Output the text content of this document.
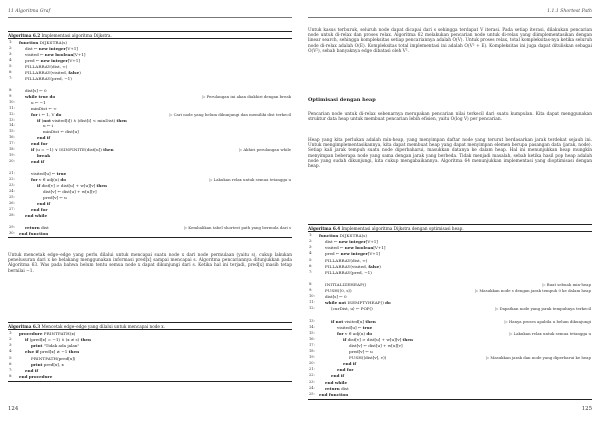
11 Algoritma Graf
Algoritma 6.2 Implementasi algoritma Dijkstra.
1:	function DIJKSTRA(s)
2:	dist ← new integer[V+1]
3:	visited ← new boolean[V+1]
4:	pred ← new integer[V+1]
5:	FILLARRAY(dist, ∞)
6:	FILLARRAY(visited, false)
7:	FILLARRAY(pred, −1)
8:	dist[s] ← 0
9:	while true do	▷ Perulangan ini akan diakhiri dengan break
10:	u ← −1
11:	minDist ← ∞
12:	for i ← 1, V do	▷ Cari node yang belum dikunjungi dan memiliki dist terkecil
13:	if (not visited[i]) ∧ (dist[i] < minDist) then
14:	u ← i
15:	minDist ← dist[u]
16:	end if
17:	end for
18:	if (u = −1) ∨ ISINFINITE(dist[u]) then	▷ Akhiri perulangan while
19:	break
20:	end if
21:	visited[u] ← true
22:	for v ∈ adj(u) do	▷ Lakukan relax untuk semua tetangga u
23:	if dist[v] > dist[u] + w[u][v] then
24:	dist[v] ← dist[u] + w[u][v]
25:	pred[v] ← u
26:	end if
27:	end for
28:	end while
29:	return dist	▷ Kembalikan tabel shortest path yang bermula dari s
30:	end function
Untuk mencetak edge–edge yang perlu dilalui untuk mencapai suatu node x dari node permulaan (yaitu s), cukup lakukan penelusuran dari x ke belakang menggunakan informasi pred[x] sampai mencapai s. Algoritma pencariannya ditunjukkan pada Algoritma 63. Was pada bahwa belum tentu semua node x dapat dikunjungi dari s. Ketika hal ini terjadi, pred[x] masih tetap bernilai −1.
Algoritma 6.3 Mencetak edge–edge yang dilalui untuk mencapai node x.
1:	procedure PRINTPATH(x)
2:	if (pred[x] = −1) ∧ (x ≠ s) then
3:	print "Tidak ada jalan"
4:	else if pred[x] ≠ −1 then
5:	PRINTPATH(pred[x])
6:	print pred[x], x
7:	end if
8:	end procedure
124
1.1.1 Shortest Path
Untuk kasus terburuk, seluruh node dapat dicapai dari s sehingga terdapat V iterasi. Pada setiap iterasi, dilakukan pencarian node untuk di-relax dan proses relax. Algoritma 62 melakukan pencarian node untuk di-relax yang diimplementasikan dengan linear search, sehingga kompleksitas setiap pencariannya adalah O(V). Untuk proses relax, total kompleksitas-nya ketika seluruh node di-relax adalah O(E). Kompleksitas total implementasi ini adalah O(V² + E). Kompleksitas ini juga dapat dituliskan sebagai O(V²), sebab banyaknya edge dibatasi oleh V².
Optimisasi dengan heap
Pencarian node untuk di-relax sebenarnya merupakan pencarian nilai terkecil dari suatu kumpulan. Kita dapat menggunakan struktur data heap untuk membuat pencarian lebih efisien, yaitu O(log V) per pencarian.
Heap yang kita perlukan adalah min-heap, yang menyimpan daftar node yang terurut berdasarkan jarak terdekat sejauh ini. Untuk mengimplementasikannya, kita dapat membuat heap yang dapat menyimpan elemen berupa pasangan data ⟨jarak, node⟩. Setiap kali jarak tempuh suatu node diperbaharui, masukkan datanya ke dalam heap. Hal ini menunjukkan heap mungkin menyimpan beberapa node yang sama dengan jarak yang berbeda. Tidak menjadi masalah, sebab ketika hasil pop heap adalah node yang sudah dikunjungi, kita cukup mengabaikannya. Algoritma 64 menunjukkan implementasi yang dioptimisasi dengan heap.
Algoritma 6.4 Implementasi algoritma Dijkstra dengan optimisasi heap.
1:	function DIJKSTRA(s)
2:	dist ← new integer[V+1]
3:	visited ← new boolean[V+1]
4:	pred ← new integer[V+1]
5:	FILLARRAY(dist, ∞)
6:	FILLARRAY(visited, false)
7:	FILLARRAY(pred, −1)
8:	INITIALIZEHEAP()	▷ Buat sebuah min-heap
9:	PUSH(⟨0, s⟩)	▷ Masukkan node s dengan jarak tempuh 0 ke dalam heap
10:	dist[s] ← 0
11:	while not ISEMPTYHEAP() do
12:	⟨curDist, u⟩ ← POP()	▷ Dapatkan node yang jarak tempuhnya terkecil
13:	if not visited[u] then	▷ Hanya proses apabila u belum dikunjungi
14:	visited[u] ← true
15:	for v ∈ adj(u) do	▷ Lakukan relax untuk semua tetangga u
16:	if dist[v] > dist[u] + w[u][v] then
17:	dist[v] ← dist[u] + w[u][v]
18:	pred[v] ← u
19:	PUSH(⟨dist[v], v⟩)	▷ Masukkan jarak dan node yang diperbarui ke heap
20:	end if
21:	end for
22:	end if
23:	end while
24:	return dist
25:	end function
125
